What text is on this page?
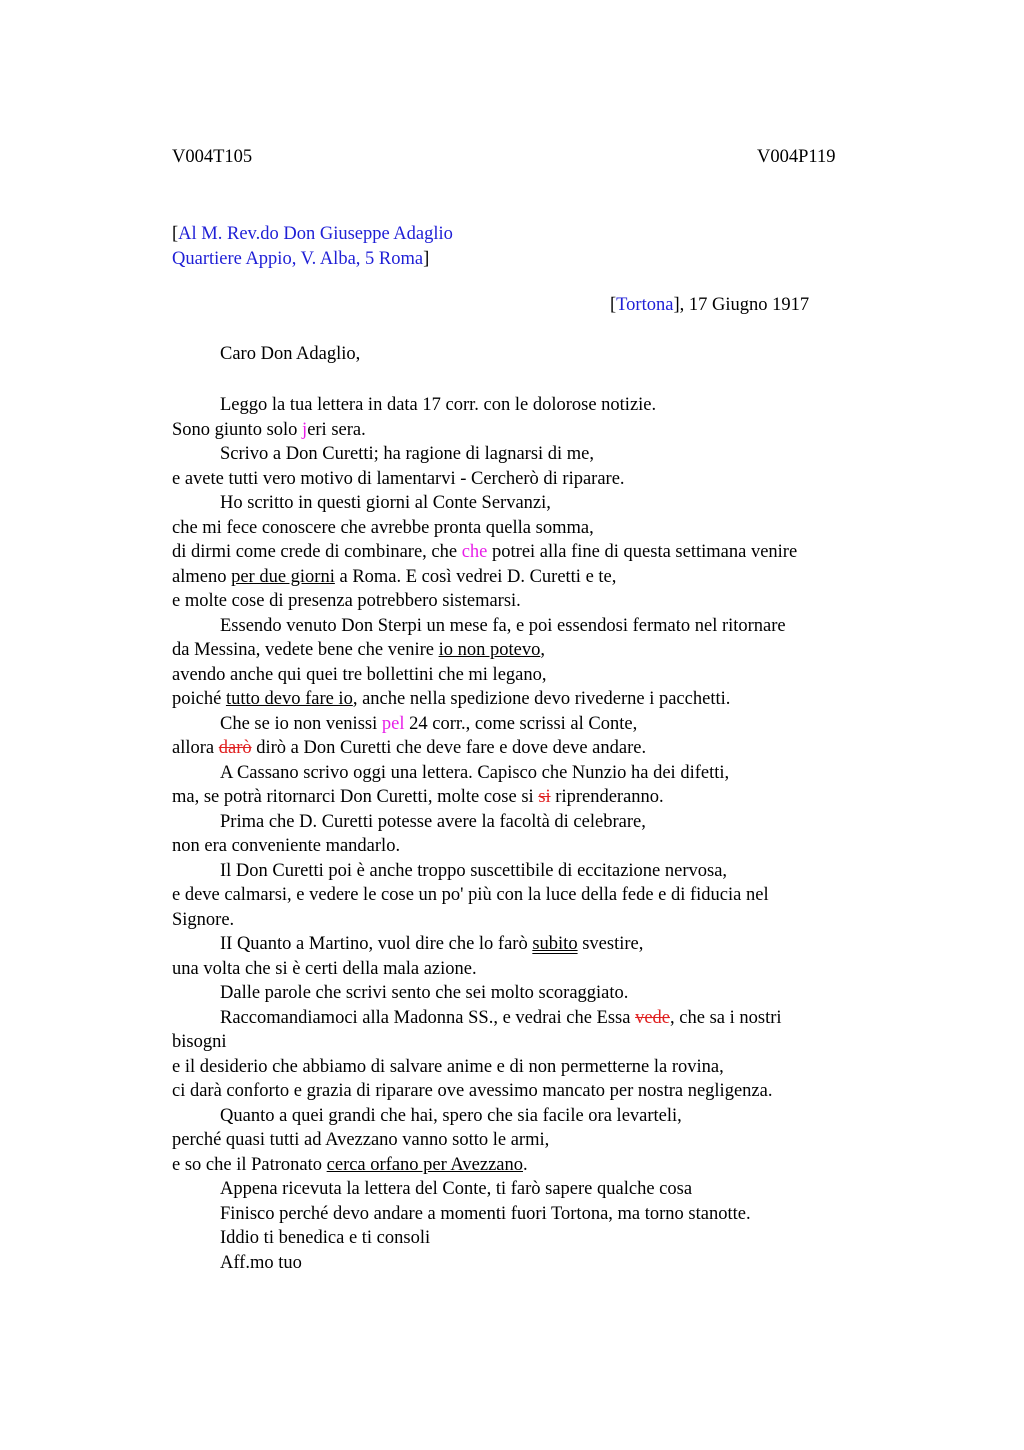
V004T105	V004P119
[Al M. Rev.do Don Giuseppe Adaglio
Quartiere Appio, V. Alba, 5 Roma]
[Tortona], 17 Giugno 1917
Caro Don Adaglio,
Leggo la tua lettera in data 17 corr. con le dolorose notizie.
Sono giunto solo jeri sera.
Scrivo a Don Curetti; ha ragione di lagnarsi di me,
e avete tutti vero motivo di lamentarvi - Cercherò di riparare.
Ho scritto in questi giorni al Conte Servanzi,
che mi fece conoscere che avrebbe pronta quella somma,
di dirmi come crede di combinare, che che potrei alla fine di questa settimana venire
almeno per due giorni a Roma. E così vedrei D. Curetti e te,
e molte cose di presenza potrebbero sistemarsi.
Essendo venuto Don Sterpi un mese fa, e poi essendosi fermato nel ritornare
da Messina, vedete bene che venire io non potevo,
avendo anche qui quei tre bollettini che mi legano,
poiché tutto devo fare io, anche nella spedizione devo rivederne i pacchetti.
Che se io non venissi pel 24 corr., come scrissi al Conte,
allora darò dirò a Don Curetti che deve fare e dove deve andare.
A Cassano scrivo oggi una lettera. Capisco che Nunzio ha dei difetti,
ma, se potrà ritornarci Don Curetti, molte cose si si riprenderanno.
Prima che D. Curetti potesse avere la facoltà di celebrare,
non era conveniente mandarlo.
Il Don Curetti poi è anche troppo suscettibile di eccitazione nervosa,
e deve calmarsi, e vedere le cose un po' più con la luce della fede e di fiducia nel
Signore.
II Quanto a Martino, vuol dire che lo farò subito svestire,
una volta che si è certi della mala azione.
Dalle parole che scrivi sento che sei molto scoraggiato.
Raccomandiamoci alla Madonna SS., e vedrai che Essa vede, che sa i nostri
bisogni
e il desiderio che abbiamo di salvare anime e di non permetterne la rovina,
ci darà conforto e grazia di riparare ove avessimo mancato per nostra negligenza.
Quanto a quei grandi che hai, spero che sia facile ora levarteli,
perché quasi tutti ad Avezzano vanno sotto le armi,
e so che il Patronato cerca orfano per Avezzano.
Appena ricevuta la lettera del Conte, ti farò sapere qualche cosa
Finisco perché devo andare a momenti fuori Tortona, ma torno stanotte.
Iddio ti benedica e ti consoli
Aff.mo tuo
